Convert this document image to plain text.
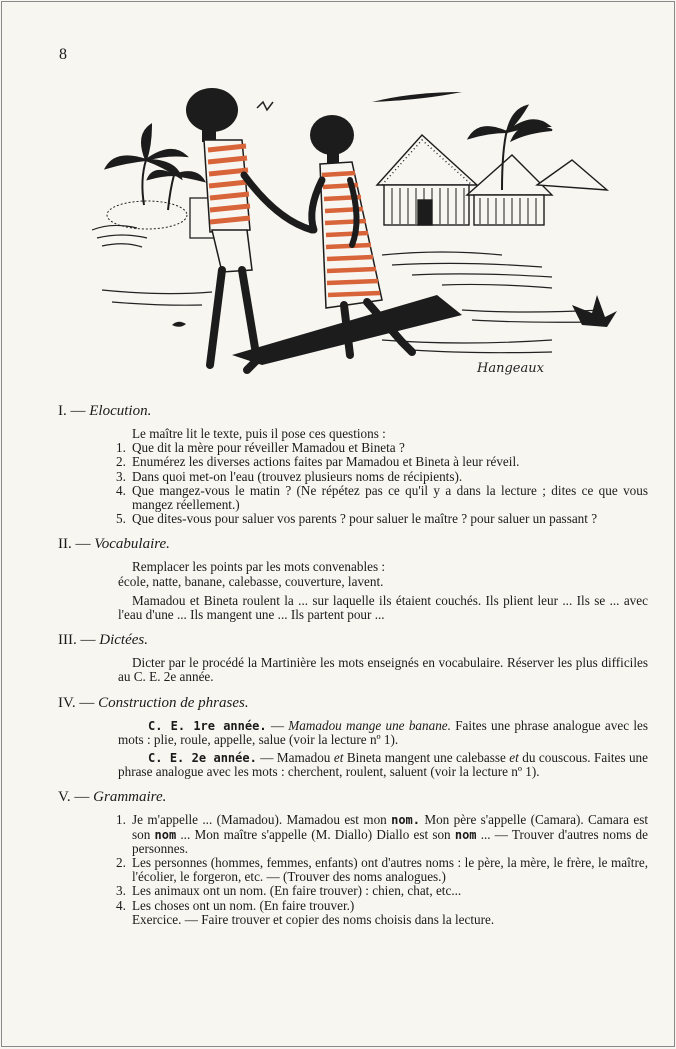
8
Hangeaux
I. — Elocution.
Le maître lit le texte, puis il pose ces questions :
1. Que dit la mère pour réveiller Mamadou et Bineta ?
2. Enumérez les diverses actions faites par Mamadou et Bineta à leur réveil.
3. Dans quoi met-on l'eau (trouvez plusieurs noms de récipients).
4. Que mangez-vous le matin ? (Ne répétez pas ce qu'il y a dans la lecture ; dites ce que vous mangez réellement.)
5. Que dites-vous pour saluer vos parents ? pour saluer le maître ? pour saluer un passant ?
II. — Vocabulaire.
Remplacer les points par les mots convenables :
école, natte, banane, calebasse, couverture, lavent.
Mamadou et Bineta roulent la ... sur laquelle ils étaient couchés. Ils plient leur ... Ils se ... avec l'eau d'une ... Ils mangent une ... Ils partent pour ...
III. — Dictées.
Dicter par le procédé la Martinière les mots enseignés en vocabulaire. Réserver les plus difficiles au C. E. 2e année.
IV. — Construction de phrases.
C. E. 1re année. — Mamadou mange une banane. Faites une phrase analogue avec les mots : plie, roule, appelle, salue (voir la lecture nº 1).
C. E. 2e année. — Mamadou et Bineta mangent une calebasse et du couscous. Faites une phrase analogue avec les mots : cherchent, roulent, saluent (voir la lecture nº 1).
V. — Grammaire.
1. Je m'appelle ... (Mamadou). Mamadou est mon nom. Mon père s'appelle (Camara). Camara est son nom ... Mon maître s'appelle (M. Diallo) Diallo est son nom ... — Trouver d'autres noms de personnes.
2. Les personnes (hommes, femmes, enfants) ont d'autres noms : le père, la mère, le frère, le maître, l'écolier, le forgeron, etc. — (Trouver des noms analogues.)
3. Les animaux ont un nom. (En faire trouver) : chien, chat, etc...
4. Les choses ont un nom. (En faire trouver.)
Exercice. — Faire trouver et copier des noms choisis dans la lecture.
